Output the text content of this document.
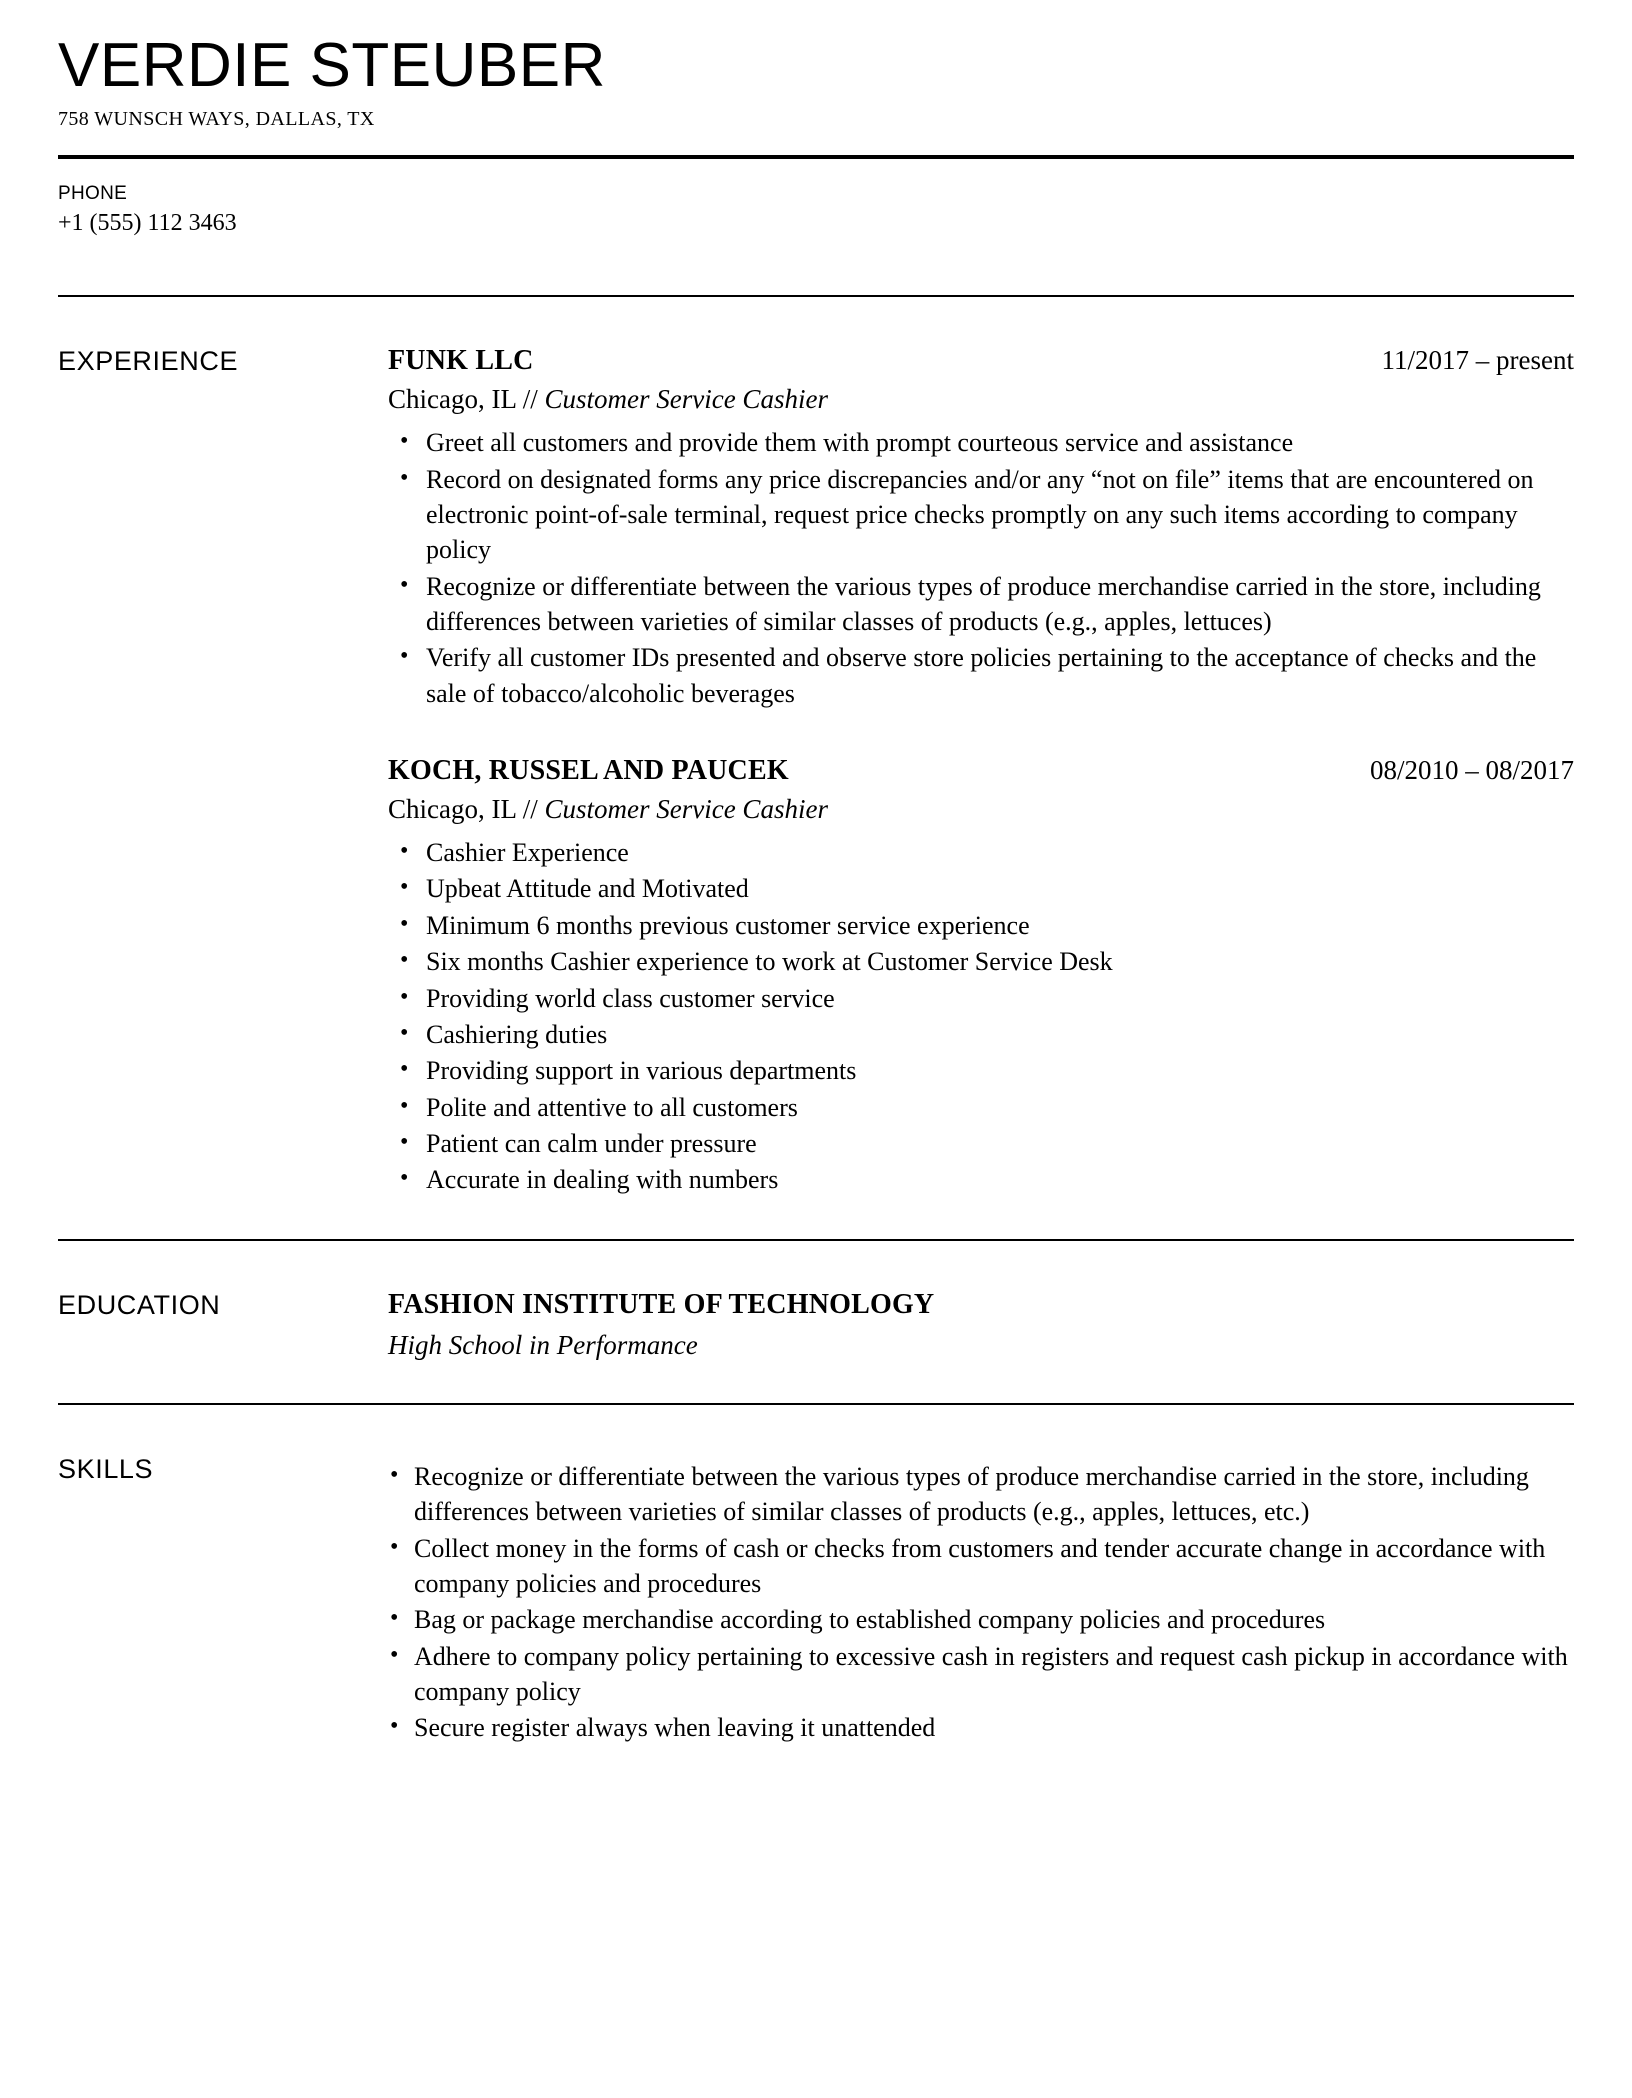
VERDIE STEUBER
758 WUNSCH WAYS, DALLAS, TX
PHONE
+1 (555) 112 3463
EXPERIENCE	FUNK LLC	11/2017 – present
Chicago, IL // Customer Service Cashier
• Greet all customers and provide them with prompt courteous service and assistance
• Record on designated forms any price discrepancies and/or any “not on file” items that are encountered on electronic point-of-sale terminal, request price checks promptly on any such items according to company policy
• Recognize or differentiate between the various types of produce merchandise carried in the store, including differences between varieties of similar classes of products (e.g., apples, lettuces)
• Verify all customer IDs presented and observe store policies pertaining to the acceptance of checks and the sale of tobacco/alcoholic beverages
KOCH, RUSSEL AND PAUCEK	08/2010 – 08/2017
Chicago, IL // Customer Service Cashier
• Cashier Experience
• Upbeat Attitude and Motivated
• Minimum 6 months previous customer service experience
• Six months Cashier experience to work at Customer Service Desk
• Providing world class customer service
• Cashiering duties
• Providing support in various departments
• Polite and attentive to all customers
• Patient can calm under pressure
• Accurate in dealing with numbers
EDUCATION	FASHION INSTITUTE OF TECHNOLOGY
High School in Performance
SKILLS	• Recognize or differentiate between the various types of produce merchandise carried in the store, including differences between varieties of similar classes of products (e.g., apples, lettuces, etc.)
• Collect money in the forms of cash or checks from customers and tender accurate change in accordance with company policies and procedures
• Bag or package merchandise according to established company policies and procedures
• Adhere to company policy pertaining to excessive cash in registers and request cash pickup in accordance with company policy
• Secure register always when leaving it unattended
